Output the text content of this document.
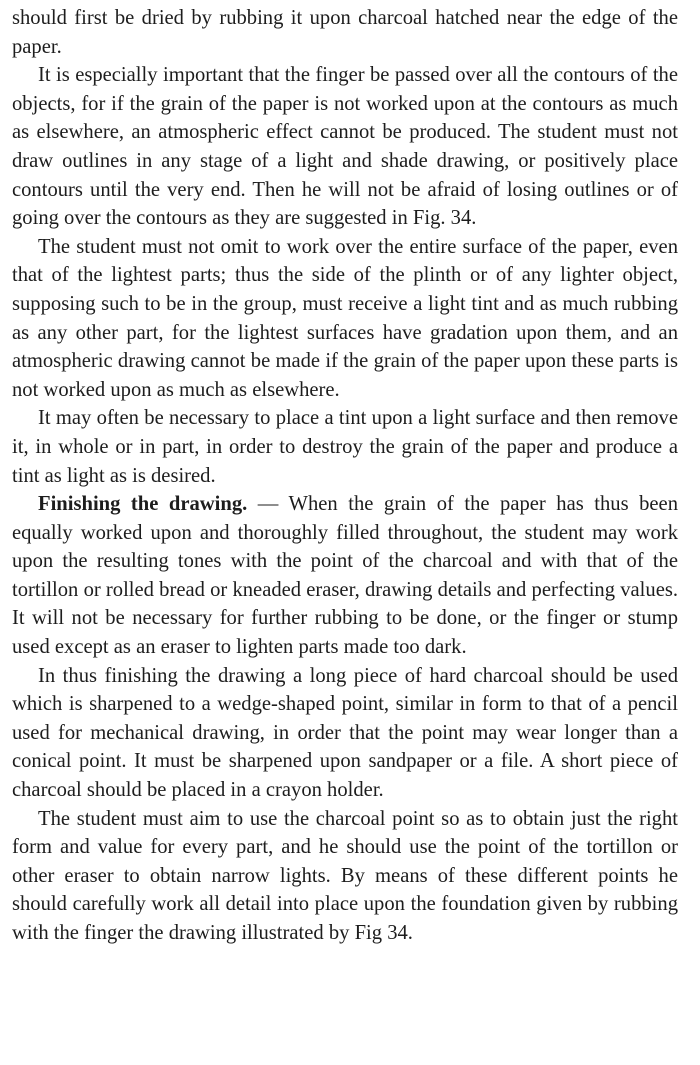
should first be dried by rubbing it upon charcoal hatched near the edge of the paper.

It is especially important that the finger be passed over all the contours of the objects, for if the grain of the paper is not worked upon at the contours as much as elsewhere, an atmospheric effect cannot be produced. The student must not draw outlines in any stage of a light and shade drawing, or positively place contours until the very end. Then he will not be afraid of losing outlines or of going over the contours as they are suggested in Fig. 34.

The student must not omit to work over the entire surface of the paper, even that of the lightest parts; thus the side of the plinth or of any lighter object, supposing such to be in the group, must receive a light tint and as much rubbing as any other part, for the lightest surfaces have gradation upon them, and an atmospheric drawing cannot be made if the grain of the paper upon these parts is not worked upon as much as elsewhere.

It may often be necessary to place a tint upon a light surface and then remove it, in whole or in part, in order to destroy the grain of the paper and produce a tint as light as is desired.

Finishing the drawing. — When the grain of the paper has thus been equally worked upon and thoroughly filled throughout, the student may work upon the resulting tones with the point of the charcoal and with that of the tortillon or rolled bread or kneaded eraser, drawing details and perfecting values. It will not be necessary for further rubbing to be done, or the finger or stump used except as an eraser to lighten parts made too dark.

In thus finishing the drawing a long piece of hard charcoal should be used which is sharpened to a wedge-shaped point, similar in form to that of a pencil used for mechanical drawing, in order that the point may wear longer than a conical point. It must be sharpened upon sandpaper or a file. A short piece of charcoal should be placed in a crayon holder.

The student must aim to use the charcoal point so as to obtain just the right form and value for every part, and he should use the point of the tortillon or other eraser to obtain narrow lights. By means of these different points he should carefully work all detail into place upon the foundation given by rubbing with the finger the drawing illustrated by Fig 34.
